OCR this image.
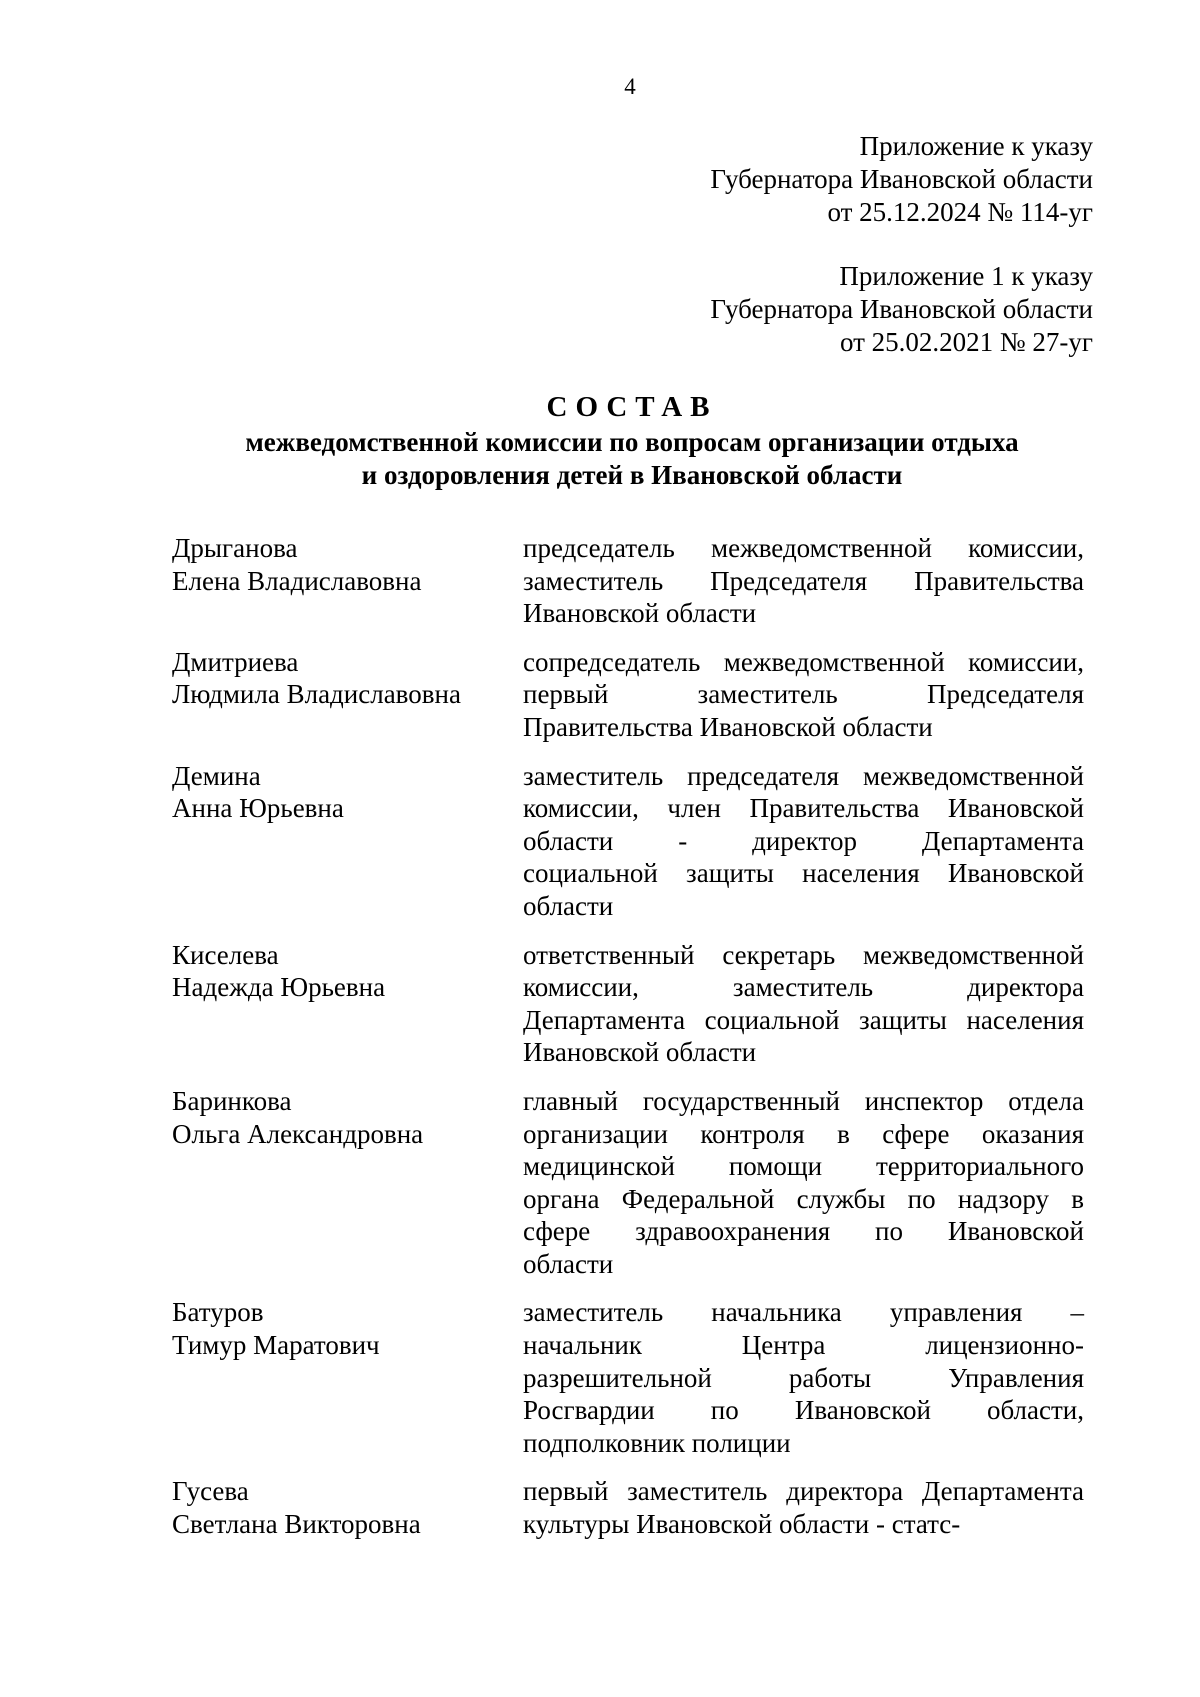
4
Приложение к указу
Губернатора Ивановской области
от 25.12.2024 № 114-уг
Приложение 1 к указу
Губернатора Ивановской области
от 25.02.2021 № 27-уг
СОСТАВ
межведомственной комиссии по вопросам организации отдыха
и оздоровления детей в Ивановской области
Дрыганова
Елена Владиславовна
председатель межведомственной комиссии,
заместитель Председателя Правительства
Ивановской области
Дмитриева
Людмила Владиславовна
сопредседатель межведомственной комиссии,
первый заместитель Председателя
Правительства Ивановской области
Демина
Анна Юрьевна
заместитель председателя межведомственной
комиссии, член Правительства Ивановской
области - директор Департамента
социальной защиты населения Ивановской
области
Киселева
Надежда Юрьевна
ответственный секретарь межведомственной
комиссии, заместитель директора
Департамента социальной защиты населения
Ивановской области
Баринкова
Ольга Александровна
главный государственный инспектор отдела
организации контроля в сфере оказания
медицинской помощи территориального
органа Федеральной службы по надзору в
сфере здравоохранения по Ивановской
области
Батуров
Тимур Маратович
заместитель начальника управления –
начальник Центра лицензионно-
разрешительной работы Управления
Росгвардии по Ивановской области,
подполковник полиции
Гусева
Светлана Викторовна
первый заместитель директора Департамента
культуры Ивановской области - статс-
